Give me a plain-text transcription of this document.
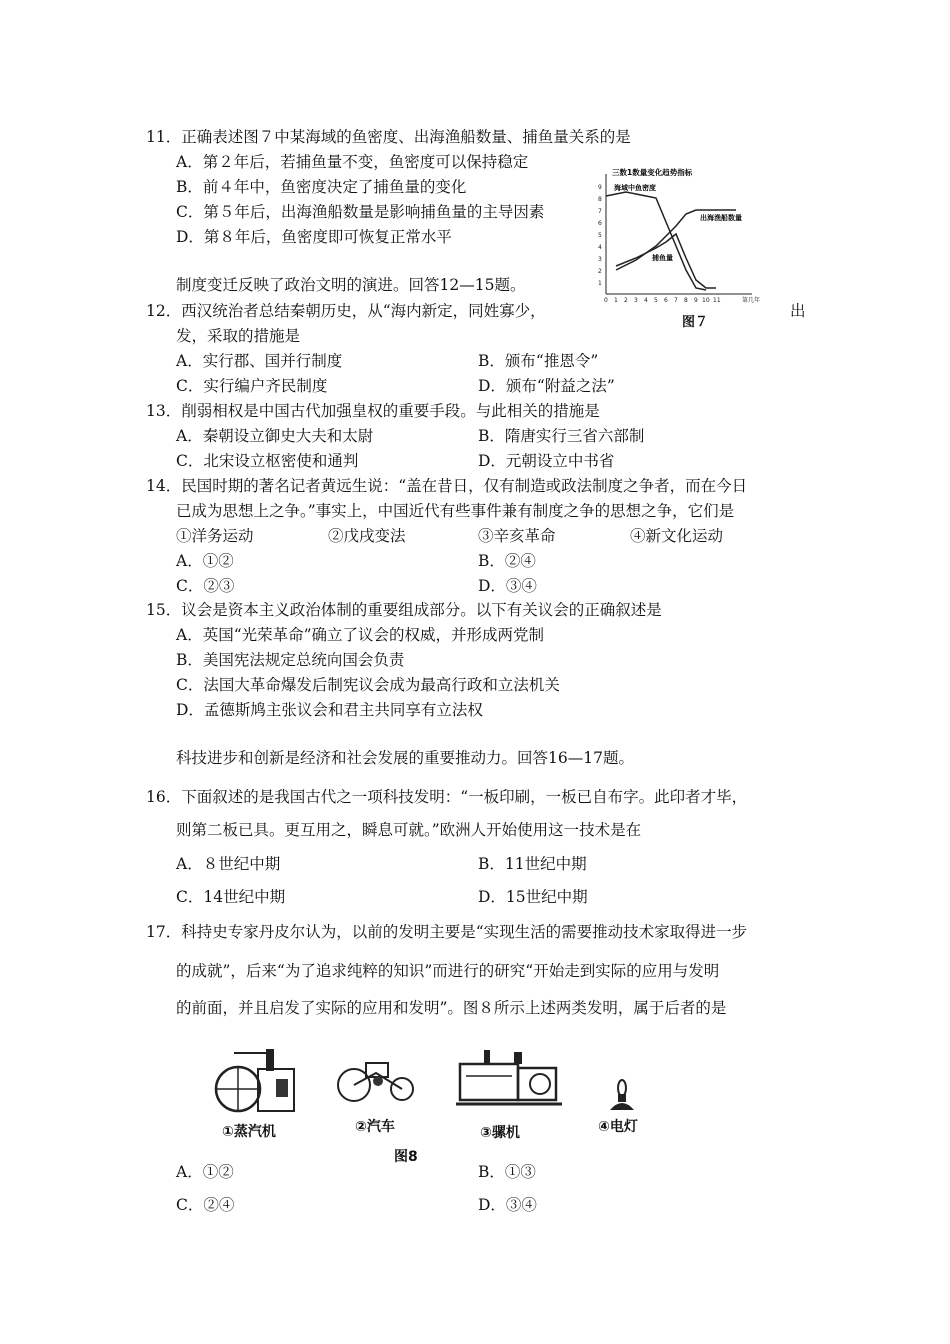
11．正确表述图７中某海域的鱼密度、出海渔船数量、捕鱼量关系的是
A．第２年后，若捕鱼量不变，鱼密度可以保持稳定
B．前４年中，鱼密度决定了捕鱼量的变化
C．第５年后，出海渔船数量是影响捕鱼量的主导因素
D．第８年后，鱼密度即可恢复正常水平
三数1数量变化趋势指标
1
2
3
4
5
6
7
8
9
0 1 2 3 4 5 6 7 8 9 10 11	第几年
海域中鱼密度
出海渔船数量
捕鱼量
图７
制度变迁反映了政治文明的演进。回答12—15题。
12．西汉统治者总结秦朝历史，从“海内新定，同姓寡少，	出
发，采取的措施是
A．实行郡、国并行制度	B．颁布“推恩令”
C．实行编户齐民制度	D．颁布“附益之法”
13．削弱相权是中国古代加强皇权的重要手段。与此相关的措施是
A．秦朝设立御史大夫和太尉	B．隋唐实行三省六部制
C．北宋设立枢密使和通判	D．元朝设立中书省
14．民国时期的著名记者黄远生说：“盖在昔日，仅有制造或政法制度之争者，而在今日
已成为思想上之争。”事实上，中国近代有些事件兼有制度之争的思想之争，它们是
①洋务运动	②戊戌变法	③辛亥革命	④新文化运动
A．①②	B．②④
C．②③	D．③④
15．议会是资本主义政治体制的重要组成部分。以下有关议会的正确叙述是
A．英国“光荣革命”确立了议会的权威，并形成两党制
B．美国宪法规定总统向国会负责
C．法国大革命爆发后制宪议会成为最高行政和立法机关
D．孟德斯鸠主张议会和君主共同享有立法权
科技进步和创新是经济和社会发展的重要推动力。回答16—17题。
16．下面叙述的是我国古代之一项科技发明：“一板印刷，一板已自布字。此印者才毕，
则第二板已具。更互用之，瞬息可就。”欧洲人开始使用这一技术是在
A．８世纪中期	B．11世纪中期
C．14世纪中期	D．15世纪中期
17．科持史专家丹皮尔认为，以前的发明主要是“实现生活的需要推动技术家取得进一步
的成就”，后来“为了追求纯粹的知识”而进行的研究“开始走到实际的应用与发明
的前面，并且启发了实际的应用和发明”。图８所示上述两类发明，属于后者的是
①蒸汽机	②汽车	③骡机	④电灯
图8
A．①②	B．①③
C．②④	D．③④
